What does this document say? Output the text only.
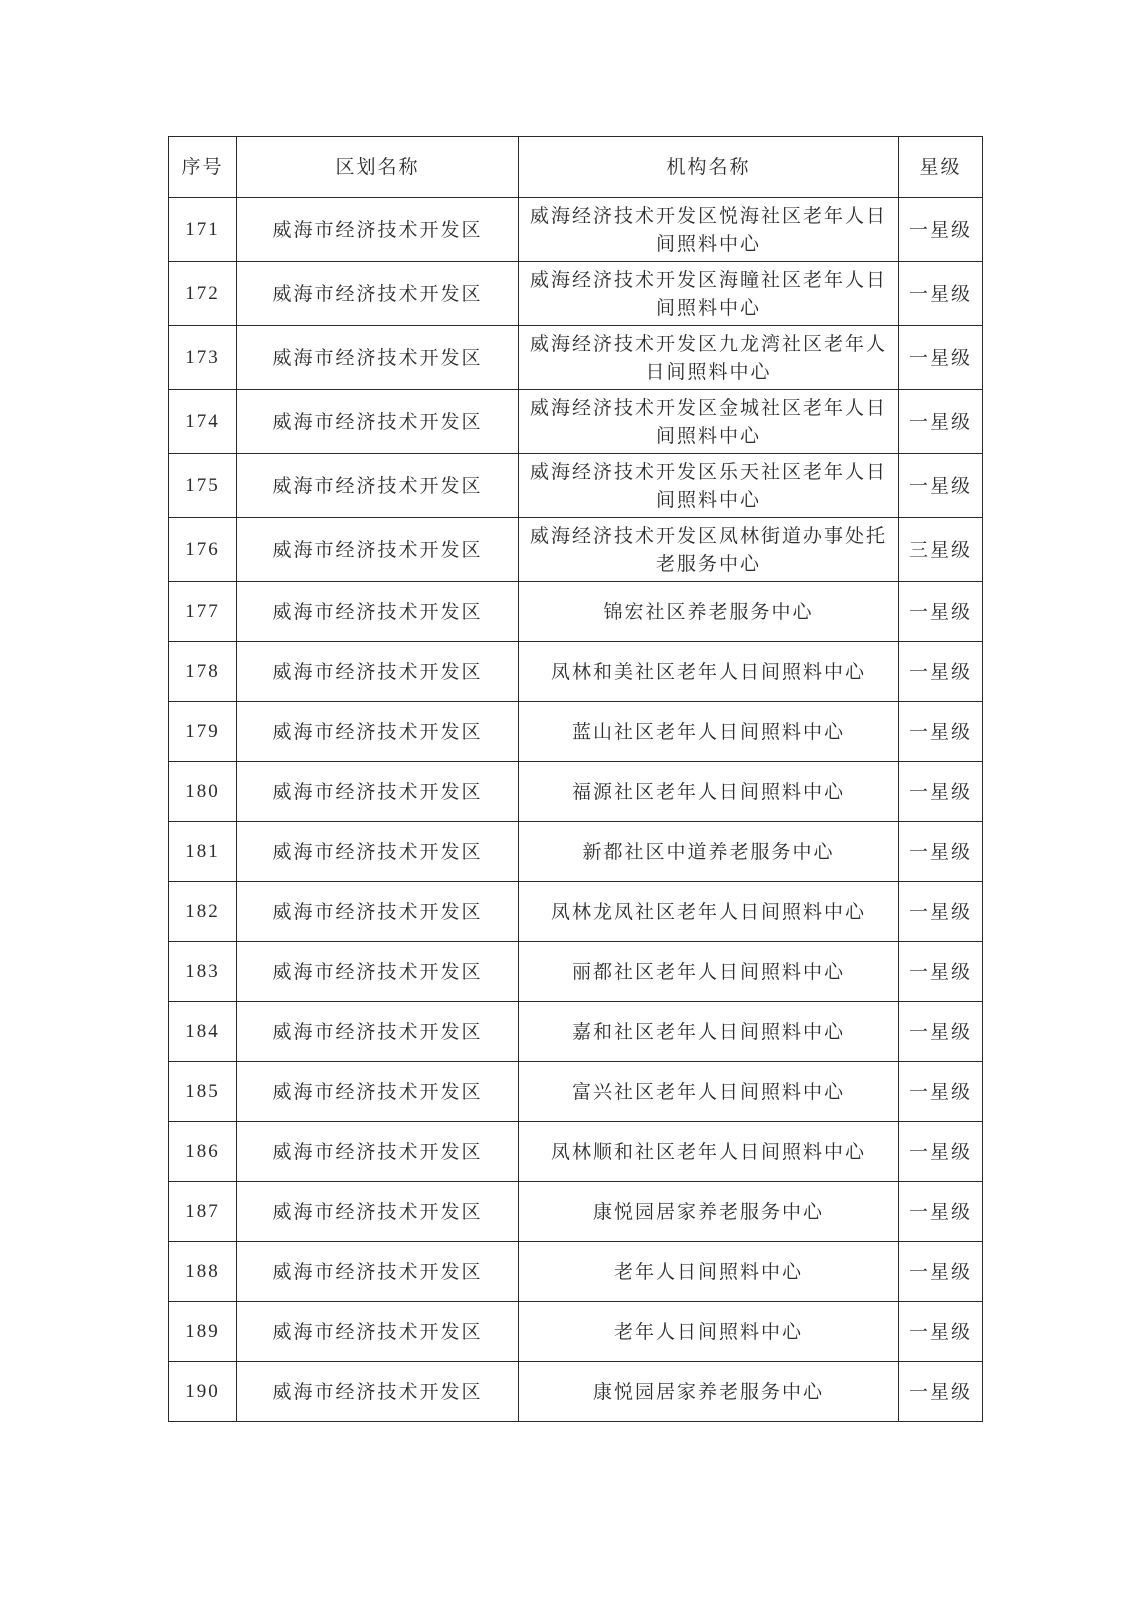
序号	区划名称	机构名称	星级
171	威海市经济技术开发区	威海经济技术开发区悦海社区老年人日间照料中心	一星级
172	威海市经济技术开发区	威海经济技术开发区海瞳社区老年人日间照料中心	一星级
173	威海市经济技术开发区	威海经济技术开发区九龙湾社区老年人日间照料中心	一星级
174	威海市经济技术开发区	威海经济技术开发区金城社区老年人日间照料中心	一星级
175	威海市经济技术开发区	威海经济技术开发区乐天社区老年人日间照料中心	一星级
176	威海市经济技术开发区	威海经济技术开发区凤林街道办事处托老服务中心	三星级
177	威海市经济技术开发区	锦宏社区养老服务中心	一星级
178	威海市经济技术开发区	凤林和美社区老年人日间照料中心	一星级
179	威海市经济技术开发区	蓝山社区老年人日间照料中心	一星级
180	威海市经济技术开发区	福源社区老年人日间照料中心	一星级
181	威海市经济技术开发区	新都社区中道养老服务中心	一星级
182	威海市经济技术开发区	凤林龙凤社区老年人日间照料中心	一星级
183	威海市经济技术开发区	丽都社区老年人日间照料中心	一星级
184	威海市经济技术开发区	嘉和社区老年人日间照料中心	一星级
185	威海市经济技术开发区	富兴社区老年人日间照料中心	一星级
186	威海市经济技术开发区	凤林顺和社区老年人日间照料中心	一星级
187	威海市经济技术开发区	康悦园居家养老服务中心	一星级
188	威海市经济技术开发区	老年人日间照料中心	一星级
189	威海市经济技术开发区	老年人日间照料中心	一星级
190	威海市经济技术开发区	康悦园居家养老服务中心	一星级
